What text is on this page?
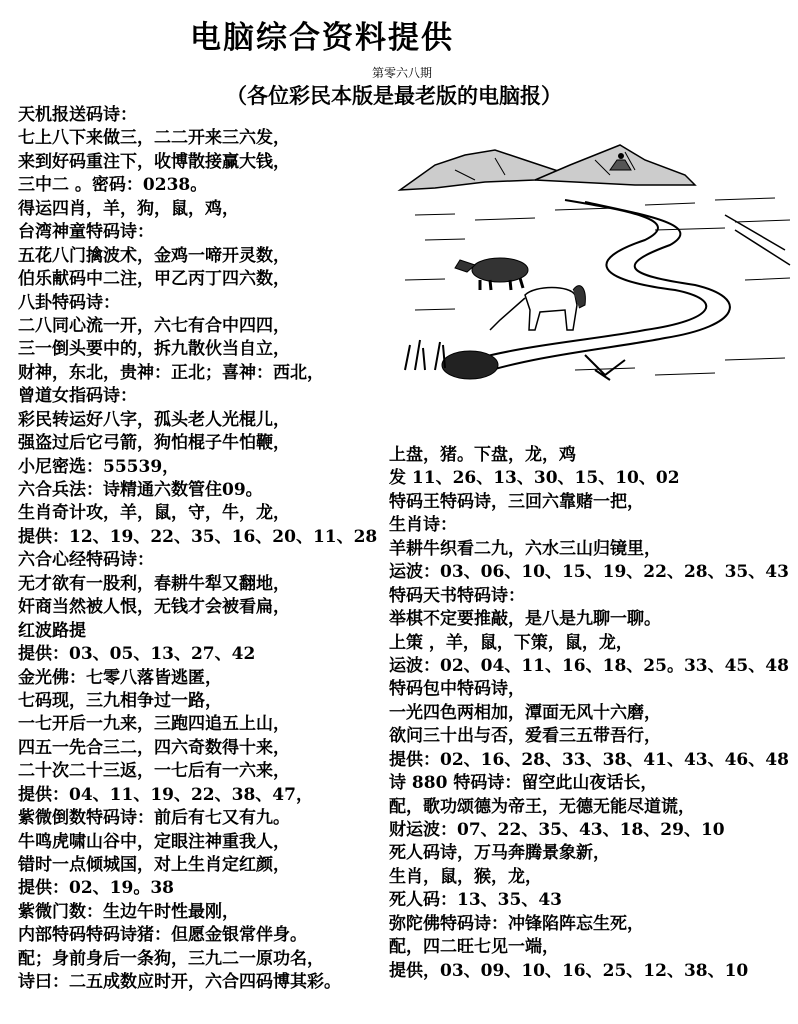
电脑综合资料提供
第零六八期
（各位彩民本版是最老版的电脑报）
天机报送码诗：
七上八下来做三，二二开来三六发，
来到好码重注下，收博散接赢大钱，
三中二 。密码：0238。
得运四肖，羊，狗，鼠，鸡，
台湾神童特码诗：
五花八门擒波术，金鸡一啼开灵数，
伯乐献码中二注，甲乙丙丁四六数，
八卦特码诗：
二八同心流一开，六七有合中四四，
三一倒头要中的，拆九散伙当自立，
财神，东北，贵神：正北；喜神：西北，
曾道女指码诗：
彩民转运好八字，孤头老人光棍儿，
强盗过后它弓箭，狗怕棍子牛怕鞭，
小尼密选：55539，
六合兵法：诗精通六数管住09。
生肖奇计攻，羊，鼠，守，牛，龙，
提供：12、19、22、35、16、20、11、28
六合心经特码诗：
无才欲有一股利，春耕牛犁又翻地，
奸商当然被人恨，无钱才会被看扁，
红波路提
提供：03、05、13、27、42
金光佛：七零八落皆逃匿，
七码现，三九相争过一路，
一七开后一九来，三跑四追五上山，
四五一先合三二，四六奇数得十来，
二十次二十三返，一七后有一六来，
提供：04、11、19、22、38、47，
紫微倒数特码诗：前后有七又有九。
牛鸣虎啸山谷中，定眼注神重我人，
错时一点倾城国，对上生肖定红颜，
提供：02、19。38
紫微门数：生边午时性最刚，
内部特码特码诗猪：但愿金银常伴身。
配；身前身后一条狗，三九二一原功名，
诗曰：二五成数应时开，六合四码博其彩。
上盘，猪。下盘，龙，鸡
发 11、26、13、30、15、10、02
特码王特码诗，三回六靠赌一把，
生肖诗：
羊耕牛织看二九，六水三山归镜里，
运波：03、06、10、15、19、22、28、35、43
特码天书特码诗：
举棋不定要推敲，是八是九聊一聊。
上策 ，羊，鼠，下策，鼠，龙，
运波：02、04、11、16、18、25。33、45、48
特码包中特码诗，
一光四色两相加，潭面无风十六磨，
欲问三十出与否，爱看三五带吾行，
提供：02、16、28、33、38、41、43、46、48
诗 880 特码诗：留空此山夜话长，
配，歌功颂德为帝王，无德无能尽道谎，
财运波：07、22、35、43、18、29、10
死人码诗，万马奔腾景象新，
生肖，鼠，猴，龙，
死人码：13、35、43
弥陀佛特码诗：冲锋陷阵忘生死，
配，四二旺七见一端，
提供，03、09、10、16、25、12、38、10
